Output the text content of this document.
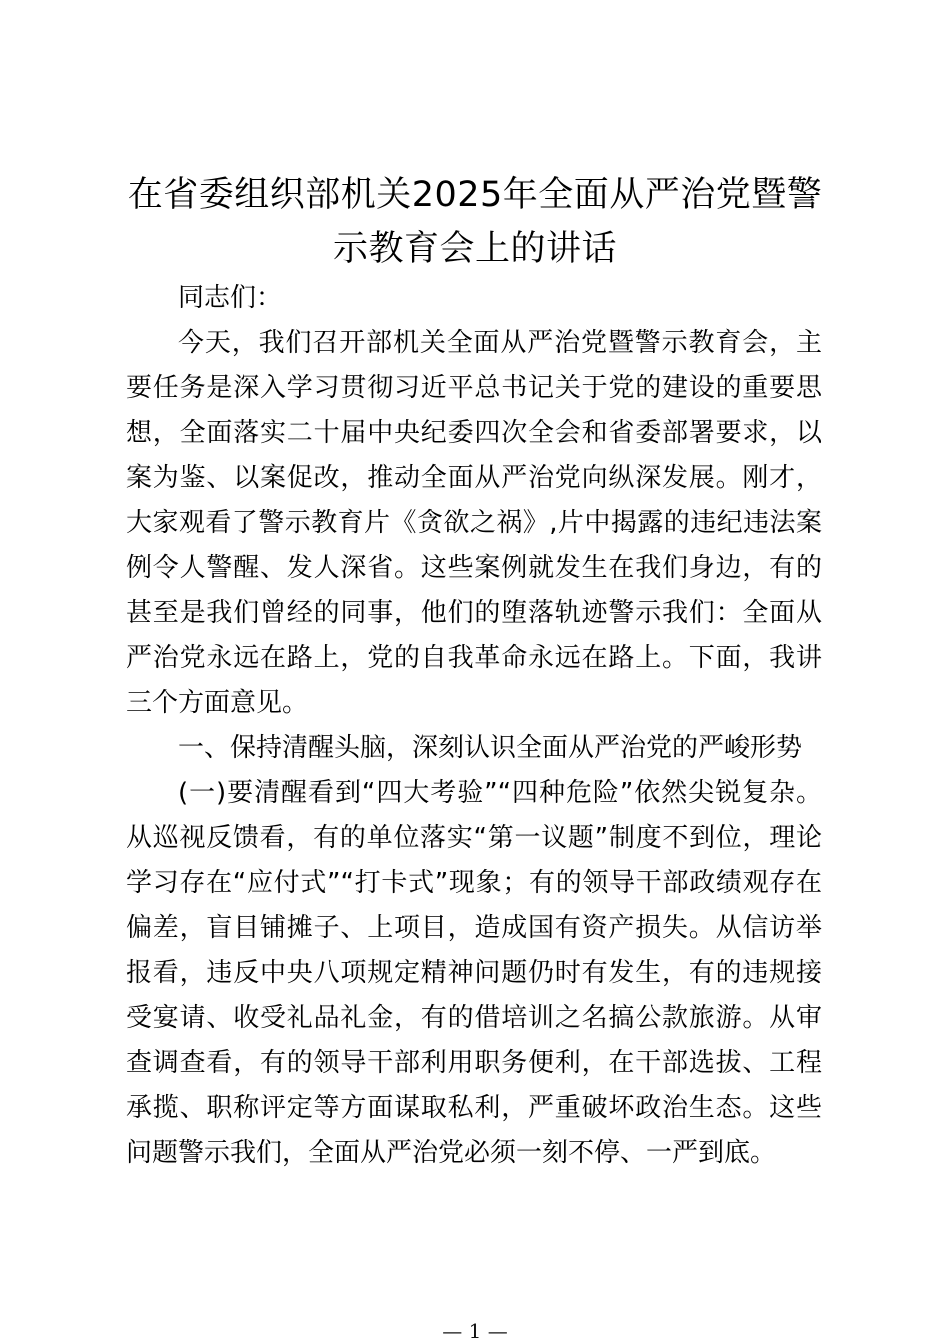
在省委组织部机关2025年全面从严治党暨警
示教育会上的讲话

同志们：

今天，我们召开部机关全面从严治党暨警示教育会，主要任务是深入学习贯彻习近平总书记关于党的建设的重要思想，全面落实二十届中央纪委四次全会和省委部署要求，以案为鉴、以案促改，推动全面从严治党向纵深发展。刚才，大家观看了警示教育片《贪欲之祸》,片中揭露的违纪违法案例令人警醒、发人深省。这些案例就发生在我们身边，有的甚至是我们曾经的同事，他们的堕落轨迹警示我们：全面从严治党永远在路上，党的自我革命永远在路上。下面，我讲三个方面意见。

一、保持清醒头脑，深刻认识全面从严治党的严峻形势

(一)要清醒看到“四大考验”“四种危险”依然尖锐复杂。从巡视反馈看，有的单位落实“第一议题”制度不到位，理论学习存在“应付式”“打卡式”现象；有的领导干部政绩观存在偏差，盲目铺摊子、上项目，造成国有资产损失。从信访举报看，违反中央八项规定精神问题仍时有发生，有的违规接受宴请、收受礼品礼金，有的借培训之名搞公款旅游。从审查调查看，有的领导干部利用职务便利，在干部选拔、工程承揽、职称评定等方面谋取私利，严重破坏政治生态。这些问题警示我们，全面从严治党必须一刻不停、一严到底。

— 1 —
